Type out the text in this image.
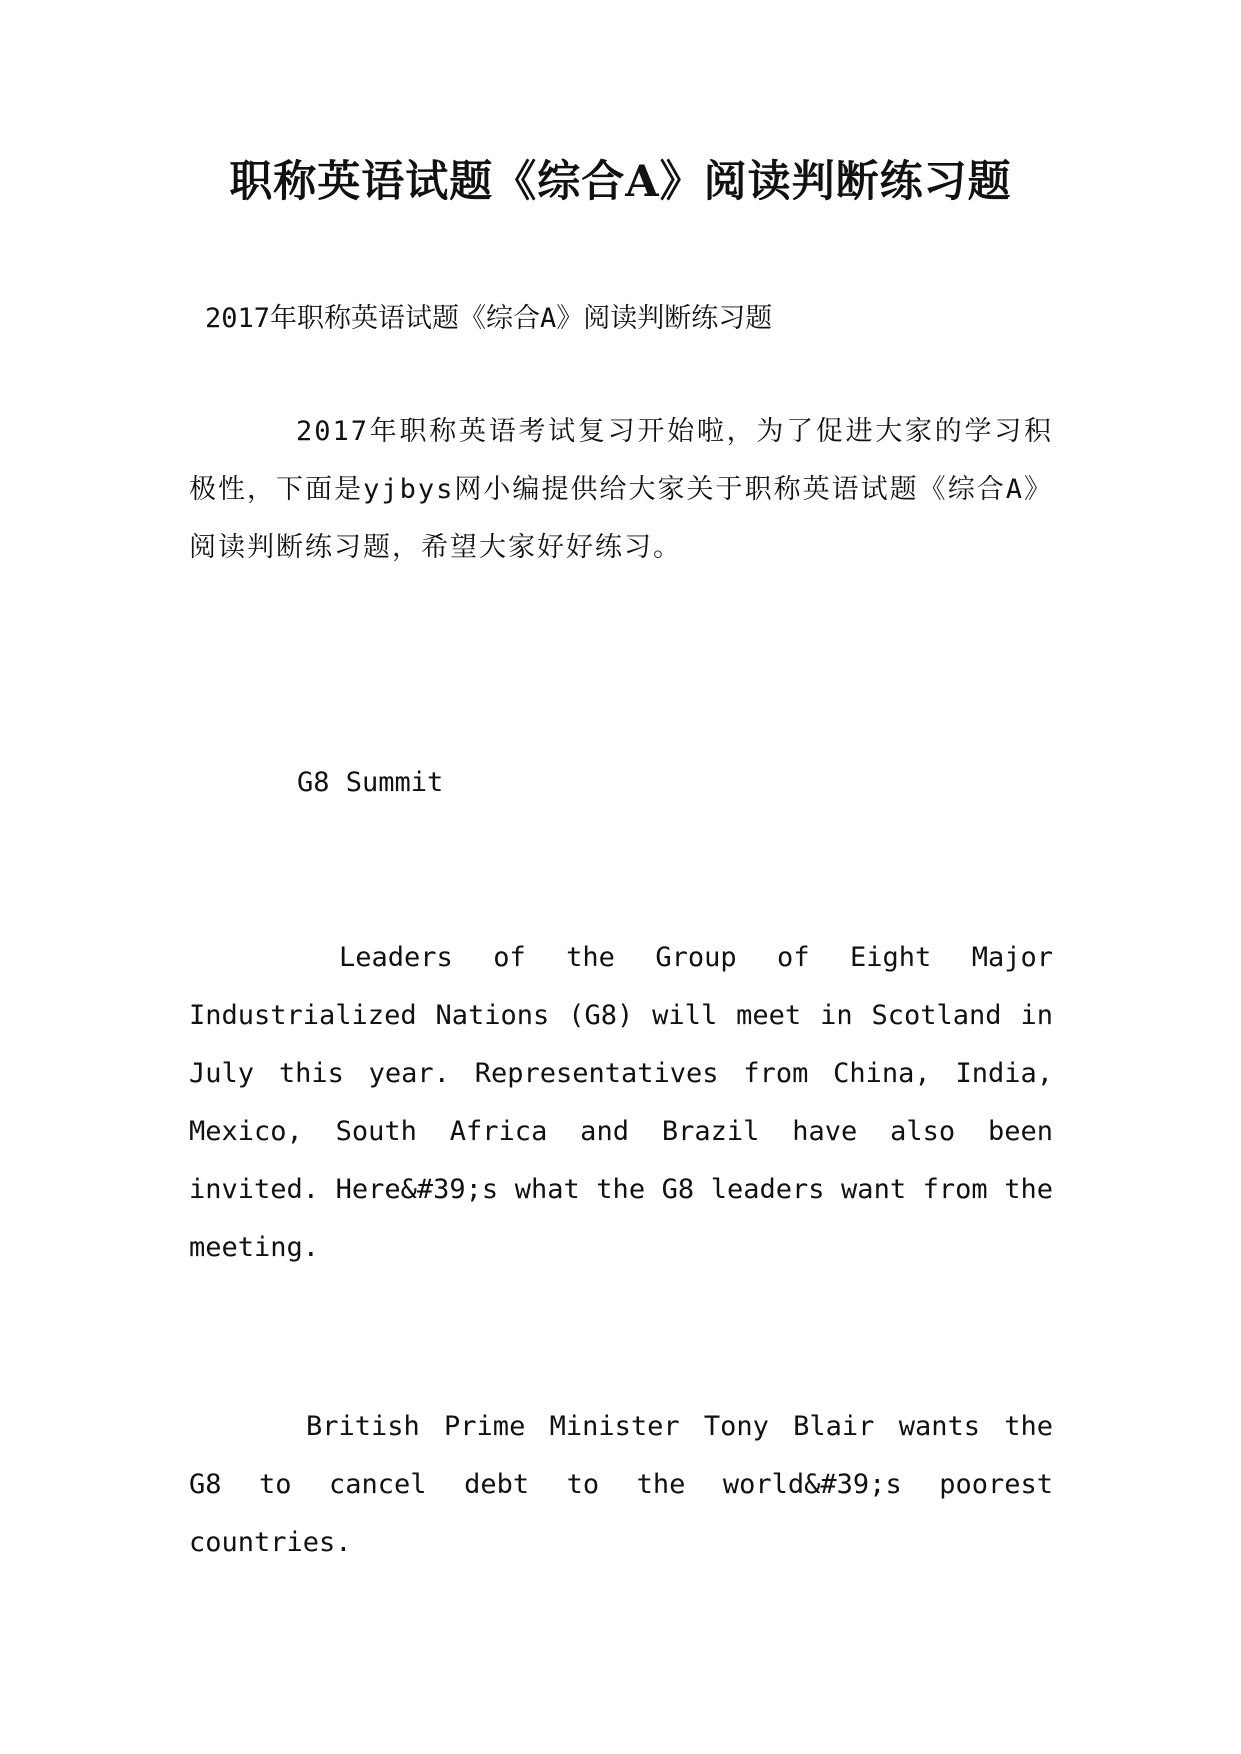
职称英语试题《综合A》阅读判断练习题

2017年职称英语试题《综合A》阅读判断练习题

2017年职称英语考试复习开始啦，为了促进大家的学习积极性，下面是yjbys网小编提供给大家关于职称英语试题《综合A》阅读判断练习题，希望大家好好练习。

G8 Summit

Leaders of the Group of Eight Major Industrialized Nations (G8) will meet in Scotland in July this year. Representatives from China, India, Mexico, South Africa and Brazil have also been invited. Here&#39;s what the G8 leaders want from the meeting.

British Prime Minister Tony Blair wants the G8 to cancel debt to the world&#39;s poorest countries.
